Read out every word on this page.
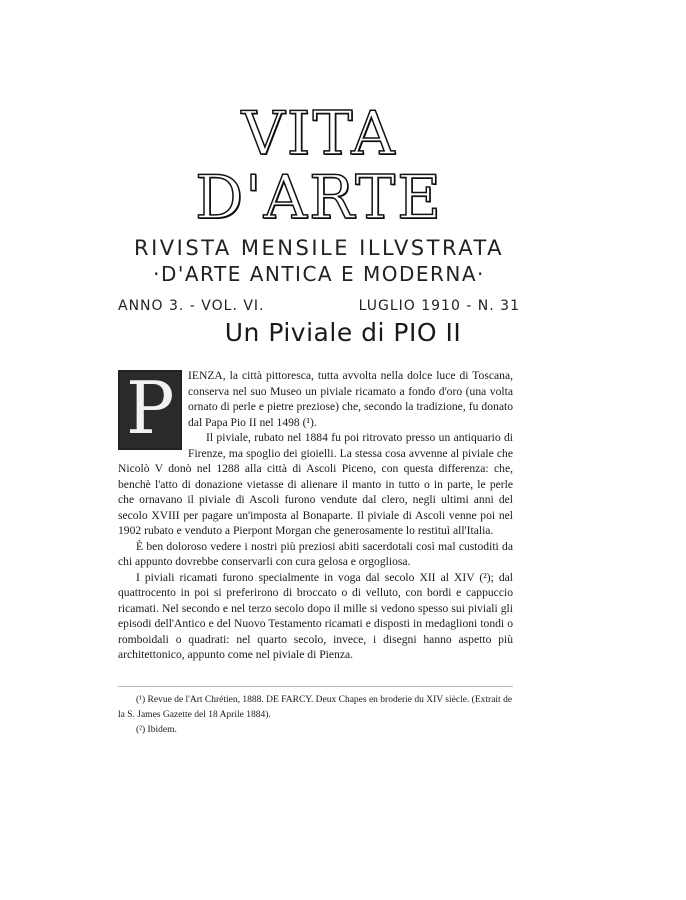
VITA D'ARTE
RIVISTA MENSILE ILLVSTRATA
·D'ARTE ANTICA E MODERNA·
ANNO 3. - VOL. VI.	LUGLIO 1910 - N. 31
Un Piviale di PIO II
P	IENZA, la città pittoresca, tutta avvolta nella dolce luce di Toscana, conserva nel suo Museo un piviale ricamato a fondo d'oro (una volta ornato di perle e pietre preziose) che, secondo la tradizione, fu donato dal Papa Pio II nel 1498 (¹).

Il piviale, rubato nel 1884 fu poi ritrovato presso un antiquario di Firenze, ma spoglio dei gioielli. La stessa cosa avvenne al piviale che Nicolò V donò nel 1288 alla città di Ascoli Piceno, con questa differenza: che, benchè l'atto di donazione vietasse di alienare il manto in tutto o in parte, le perle che ornavano il piviale di Ascoli furono vendute dal clero, negli ultimi anni del secolo XVIII per pagare un'imposta al Bonaparte. Il piviale di Ascoli venne poi nel 1902 rubato e venduto a Pierpont Morgan che generosamente lo restituì all'Italia.

È ben doloroso vedere i nostri più preziosi abiti sacerdotali così mal custoditi da chi appunto dovrebbe conservarli con cura gelosa e orgogliosa.

I piviali ricamati furono specialmente in voga dal secolo XII al XIV (²); dal quattrocento in poi si preferirono di broccato o di velluto, con bordi e cappuccio ricamati. Nel secondo e nel terzo secolo dopo il mille si vedono spesso sui piviali gli episodi dell'Antico e del Nuovo Testamento ricamati e disposti in medaglioni tondi o romboidali o quadrati: nel quarto secolo, invece, i disegni hanno aspetto più architettonico, appunto come nel piviale di Pienza.

(¹) Revue de l'Art Chrétien, 1888. DE FARCY. Deux Chapes en broderie du XIV siècle. (Extrait de la S. James Gazette del 18 Aprile 1884).

(²) Ibidem.
